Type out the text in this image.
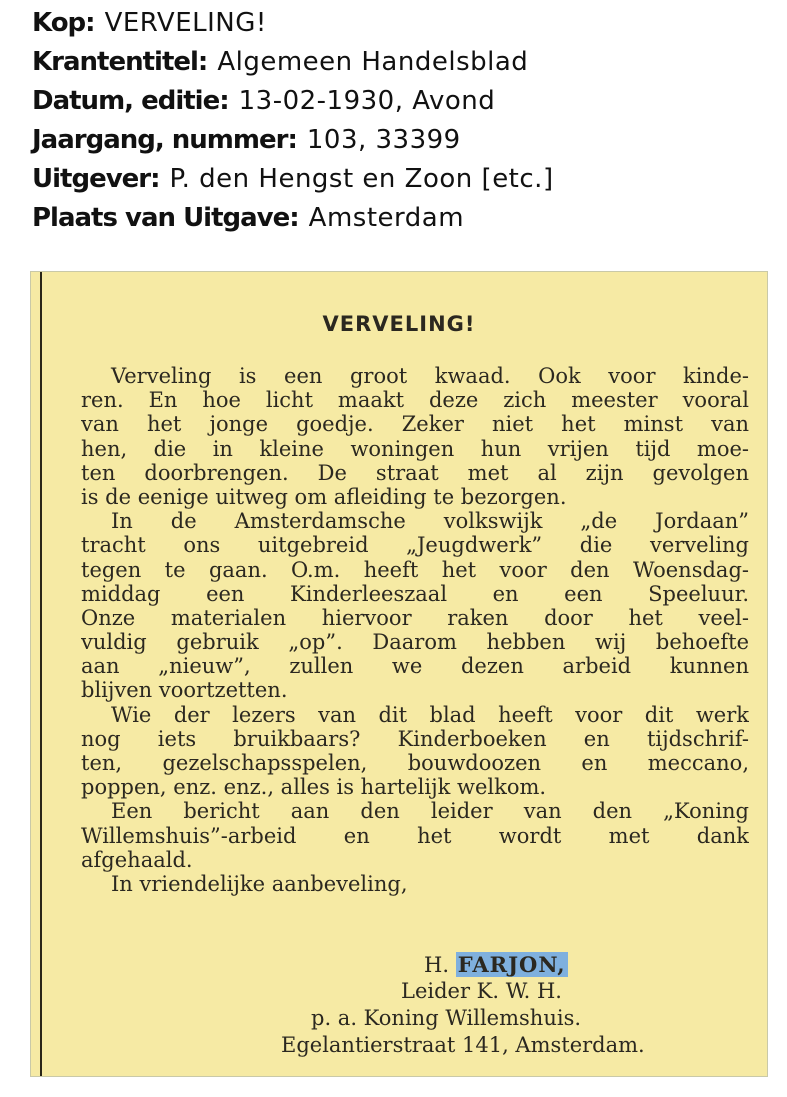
Kop: VERVELING!
Krantentitel: Algemeen Handelsblad
Datum, editie: 13-02-1930, Avond
Jaargang, nummer: 103, 33399
Uitgever: P. den Hengst en Zoon [etc.]
Plaats van Uitgave: Amsterdam
VERVELING!
Verveling is een groot kwaad. Ook voor kinde-
ren. En hoe licht maakt deze zich meester vooral
van het jonge goedje. Zeker niet het minst van
hen, die in kleine woningen hun vrijen tijd moe-
ten doorbrengen. De straat met al zijn gevolgen
is de eenige uitweg om afleiding te bezorgen.
In de Amsterdamsche volkswijk „de Jordaan”
tracht ons uitgebreid „Jeugdwerk” die verveling
tegen te gaan. O.m. heeft het voor den Woensdag-
middag een Kinderleeszaal en een Speeluur.
Onze materialen hiervoor raken door het veel-
vuldig gebruik „op”. Daarom hebben wij behoefte
aan „nieuw”, zullen we dezen arbeid kunnen
blijven voortzetten.
Wie der lezers van dit blad heeft voor dit werk
nog iets bruikbaars? Kinderboeken en tijdschrif-
ten, gezelschapsspelen, bouwdoozen en meccano,
poppen, enz. enz., alles is hartelijk welkom.
Een bericht aan den leider van den „Koning
Willemshuis”-arbeid en het wordt met dank
afgehaald.
In vriendelijke aanbeveling,
H. FARJON,
Leider K. W. H.
p. a. Koning Willemshuis.
Egelantierstraat 141, Amsterdam.
